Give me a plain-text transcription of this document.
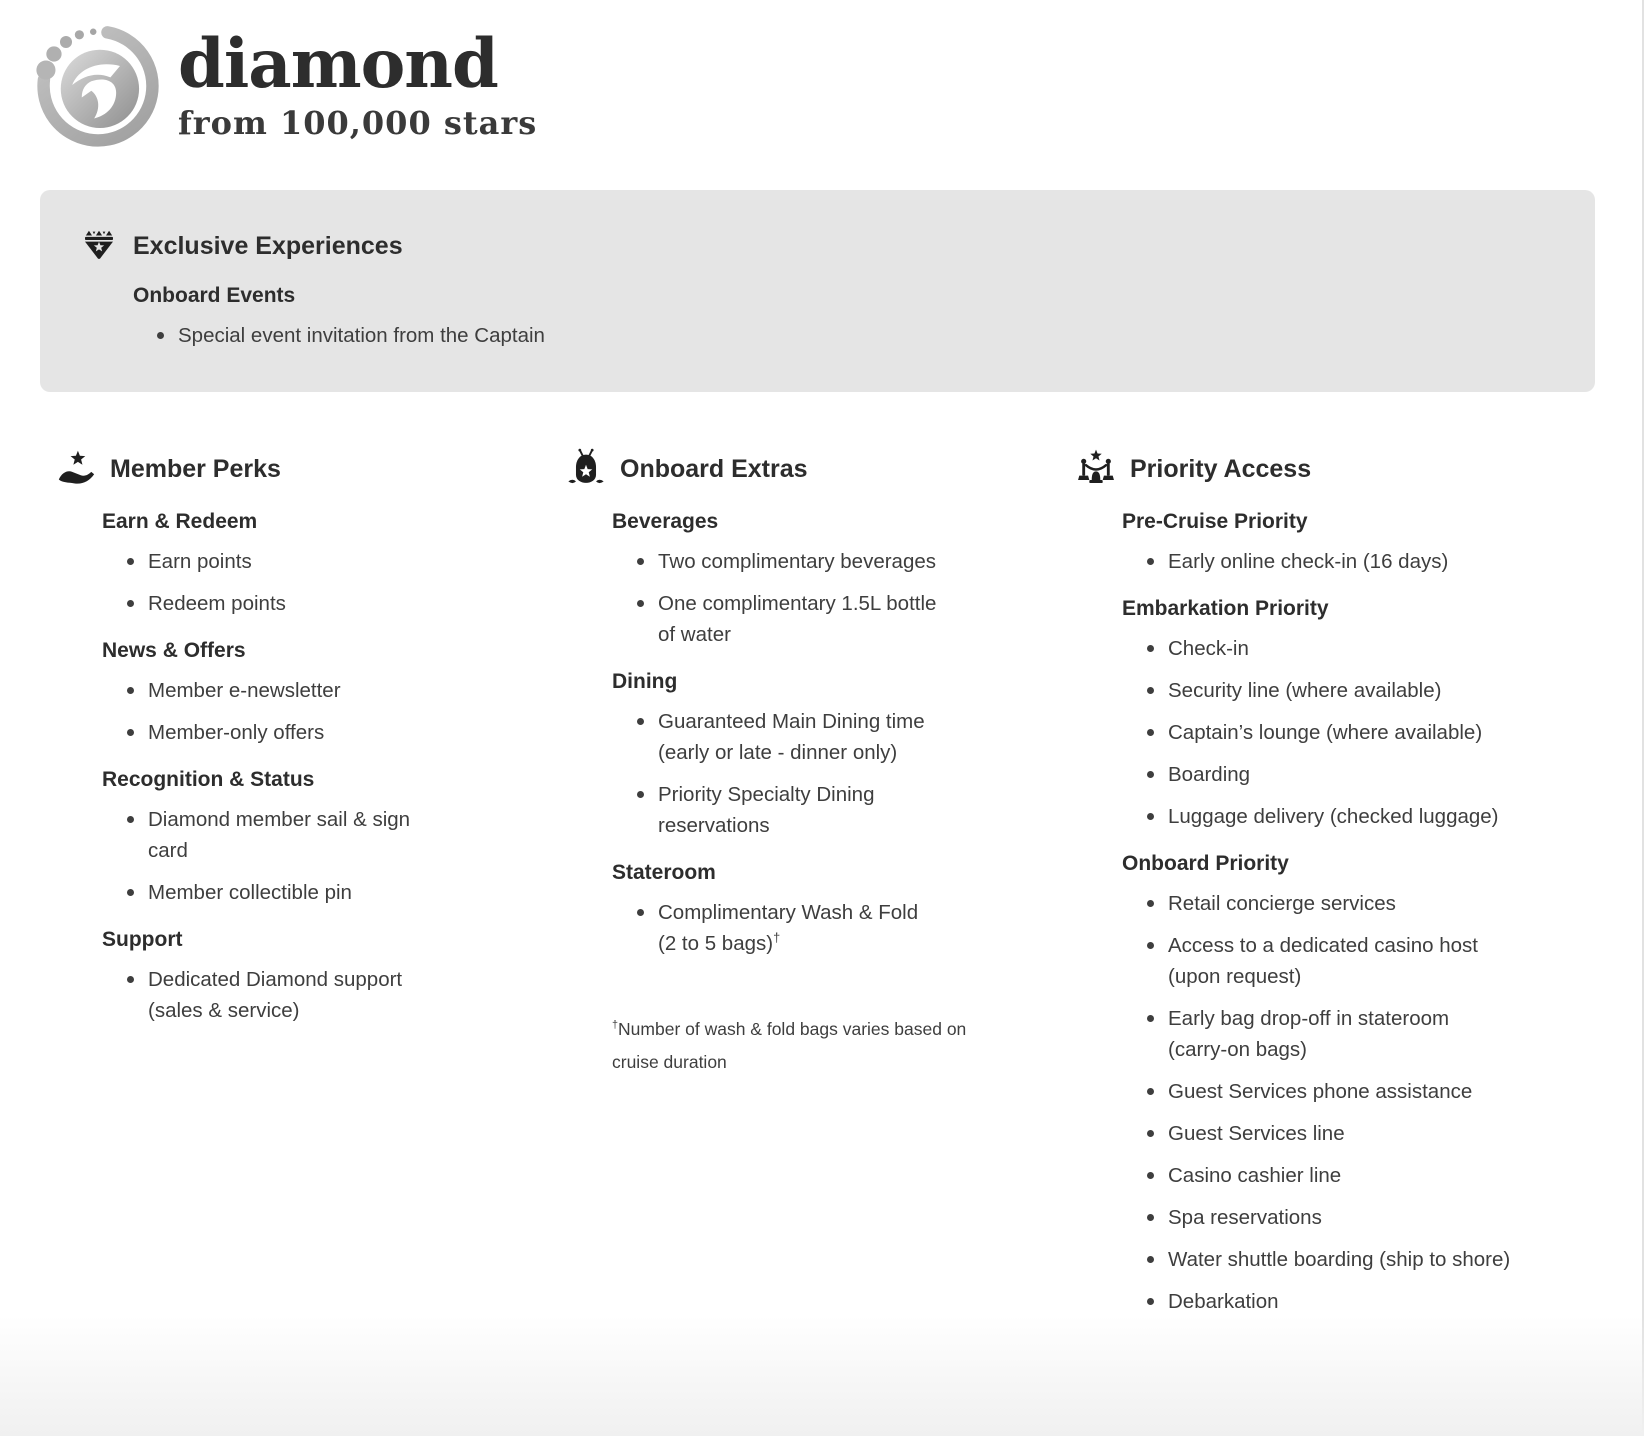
diamond
from 100,000 stars
Exclusive Experiences
Onboard Events
Special event invitation from the Captain
Member Perks
Earn & Redeem
Earn points
Redeem points
News & Offers
Member e-newsletter
Member-only offers
Recognition & Status
Diamond member sail & sign card
Member collectible pin
Support
Dedicated Diamond support (sales & service)
Onboard Extras
Beverages
Two complimentary beverages
One complimentary 1.5L bottle of water
Dining
Guaranteed Main Dining time (early or late - dinner only)
Priority Specialty Dining reservations
Stateroom
Complimentary Wash & Fold (2 to 5 bags)†
†Number of wash & fold bags varies based on cruise duration
Priority Access
Pre-Cruise Priority
Early online check-in (16 days)
Embarkation Priority
Check-in
Security line (where available)
Captain’s lounge (where available)
Boarding
Luggage delivery (checked luggage)
Onboard Priority
Retail concierge services
Access to a dedicated casino host (upon request)
Early bag drop-off in stateroom (carry-on bags)
Guest Services phone assistance
Guest Services line
Casino cashier line
Spa reservations
Water shuttle boarding (ship to shore)
Debarkation
